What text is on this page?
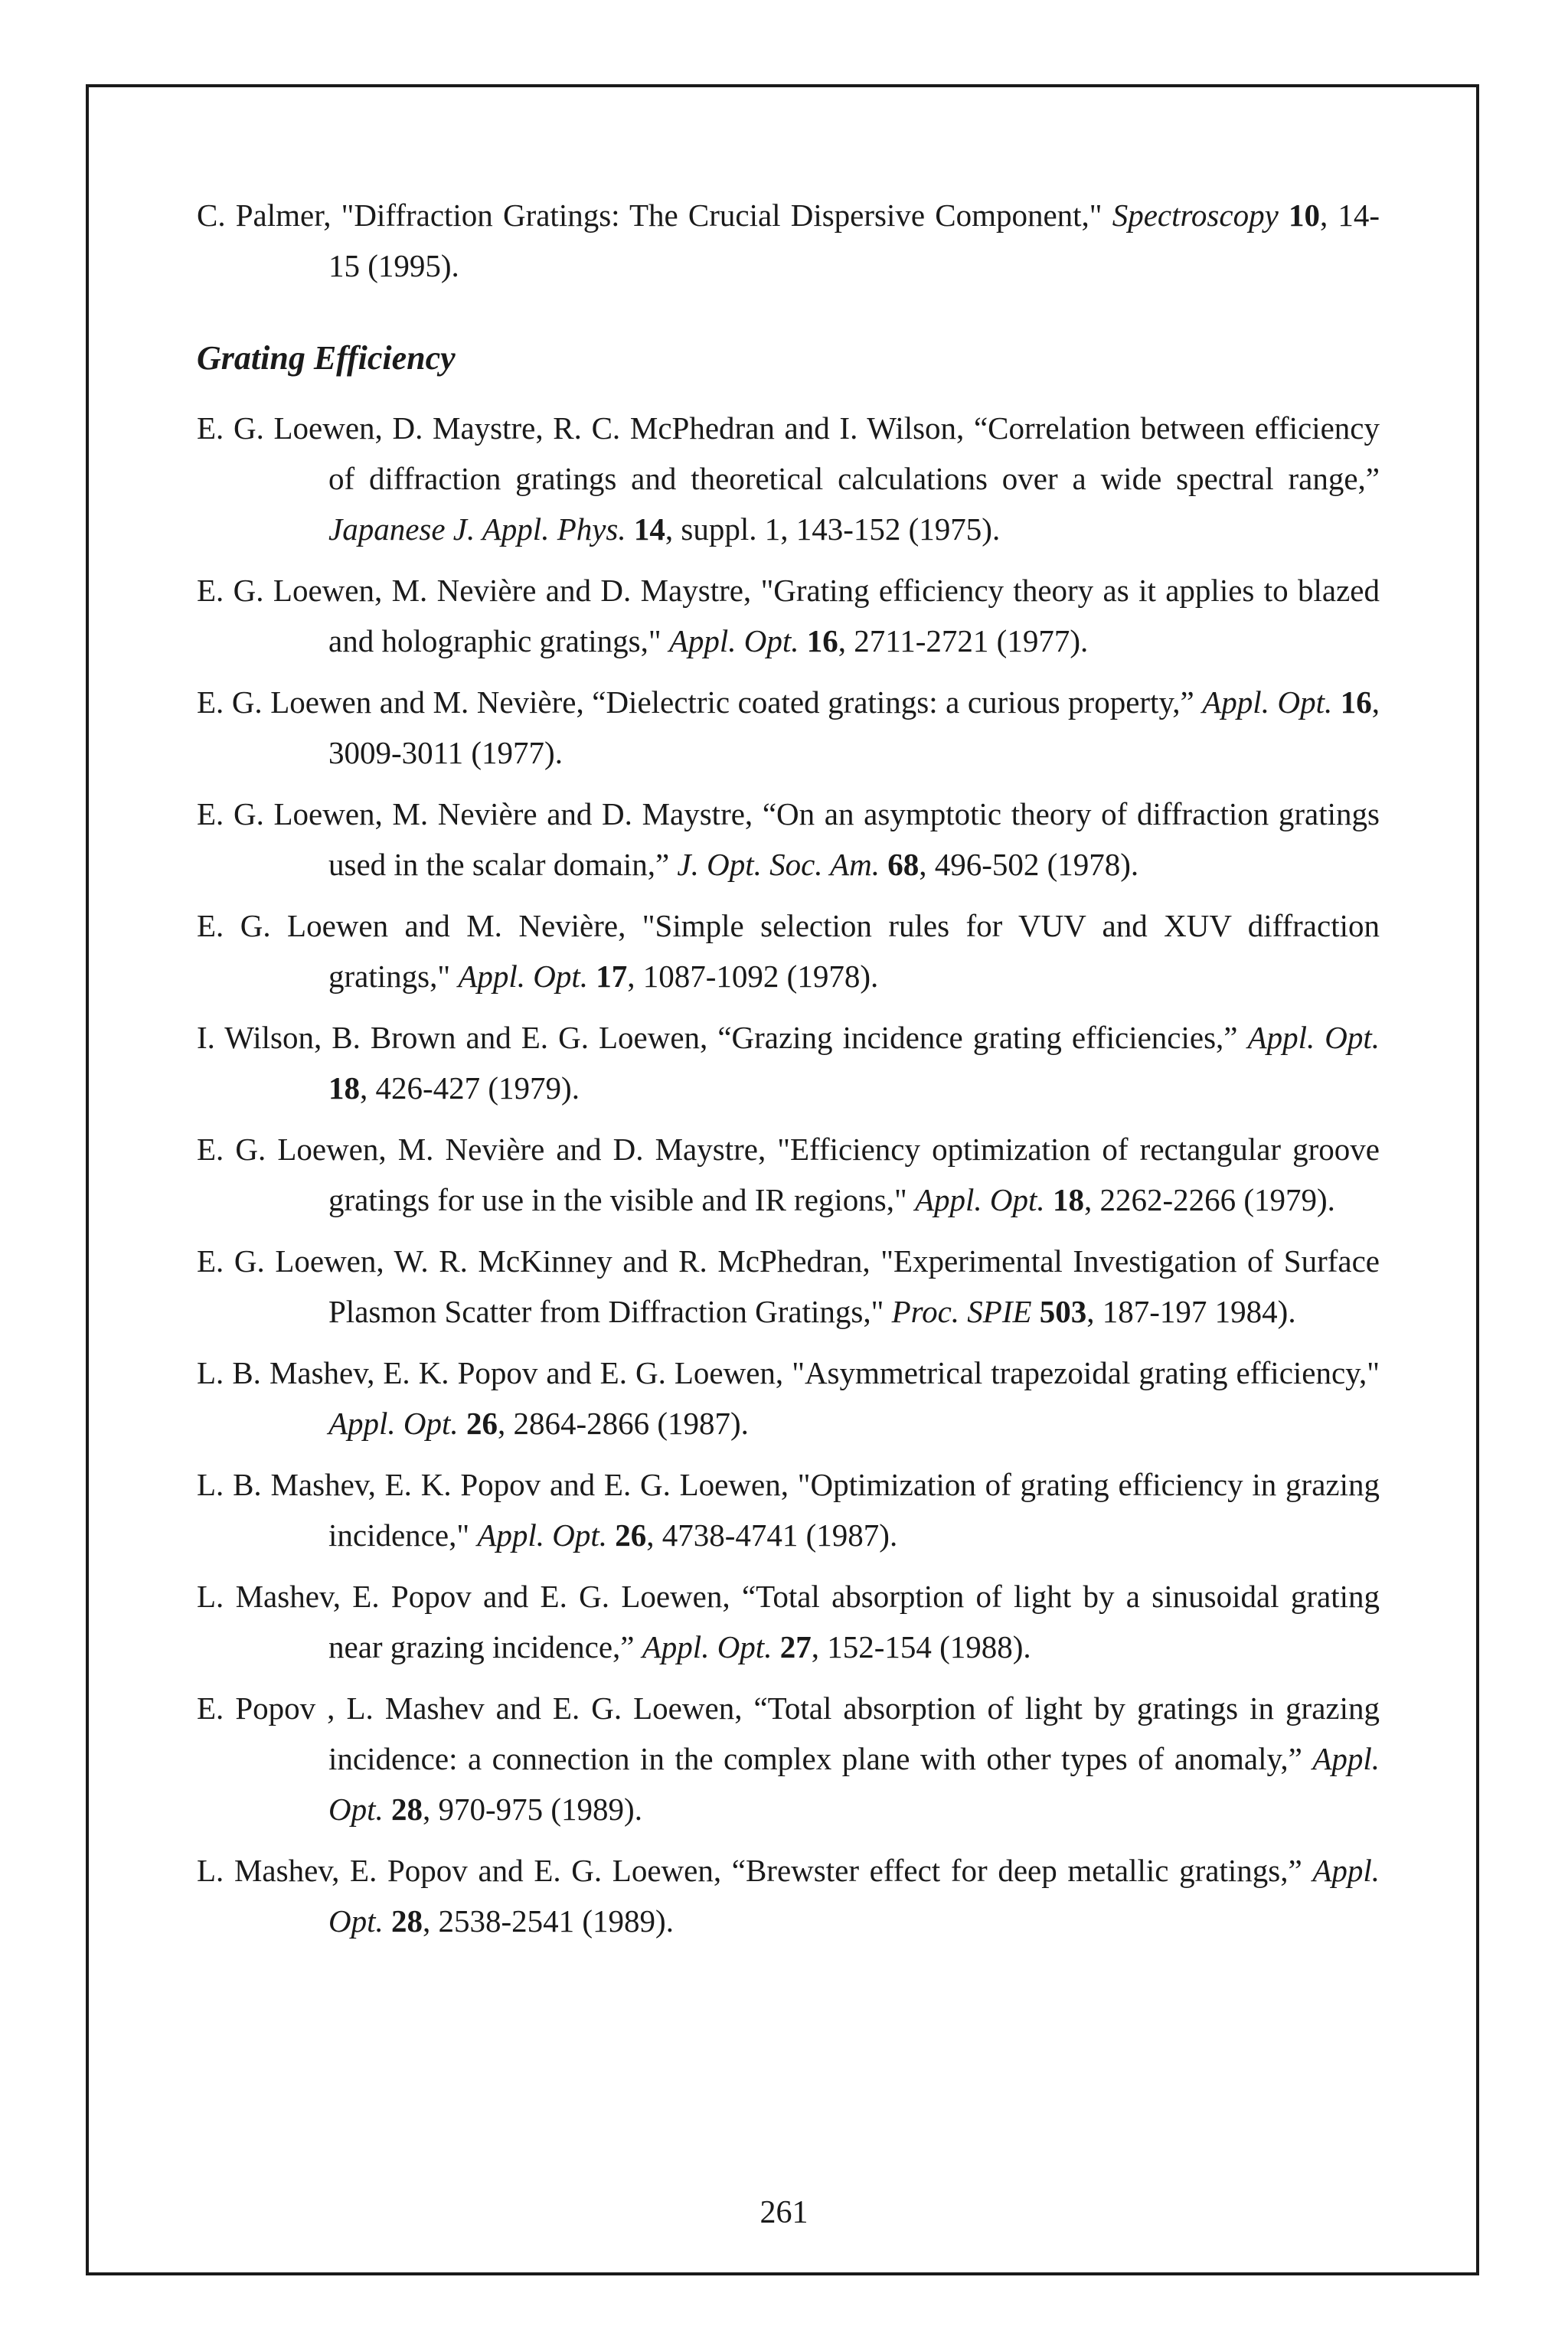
C. Palmer, "Diffraction Gratings: The Crucial Dispersive Component," Spectroscopy 10, 14-15 (1995).

Grating Efficiency

E. G. Loewen, D. Maystre, R. C. McPhedran and I. Wilson, “Correlation between efficiency of diffraction gratings and theoretical calculations over a wide spectral range,” Japanese J. Appl. Phys. 14, suppl. 1, 143-152 (1975).

E. G. Loewen, M. Nevière and D. Maystre, "Grating efficiency theory as it applies to blazed and holographic gratings," Appl. Opt. 16, 2711-2721 (1977).

E. G. Loewen and M. Nevière, “Dielectric coated gratings: a curious property,” Appl. Opt. 16, 3009-3011 (1977).

E. G. Loewen, M. Nevière and D. Maystre, “On an asymptotic theory of diffraction gratings used in the scalar domain,” J. Opt. Soc. Am. 68, 496-502 (1978).

E. G. Loewen and M. Nevière, "Simple selection rules for VUV and XUV diffraction gratings," Appl. Opt. 17, 1087-1092 (1978).

I. Wilson, B. Brown and E. G. Loewen, “Grazing incidence grating efficiencies,” Appl. Opt. 18, 426-427 (1979).

E. G. Loewen, M. Nevière and D. Maystre, "Efficiency optimization of rectangular groove gratings for use in the visible and IR regions," Appl. Opt. 18, 2262-2266 (1979).

E. G. Loewen, W. R. McKinney and R. McPhedran, "Experimental Investigation of Surface Plasmon Scatter from Diffraction Gratings," Proc. SPIE 503, 187-197 1984).

L. B. Mashev, E. K. Popov and E. G. Loewen, "Asymmetrical trapezoidal grating efficiency," Appl. Opt. 26, 2864-2866 (1987).

L. B. Mashev, E. K. Popov and E. G. Loewen, "Optimization of grating efficiency in grazing incidence," Appl. Opt. 26, 4738-4741 (1987).

L. Mashev, E. Popov and E. G. Loewen, “Total absorption of light by a sinusoidal grating near grazing incidence,” Appl. Opt. 27, 152-154 (1988).

E. Popov , L. Mashev and E. G. Loewen, “Total absorption of light by gratings in grazing incidence: a connection in the complex plane with other types of anomaly,” Appl. Opt. 28, 970-975 (1989).

L. Mashev, E. Popov and E. G. Loewen, “Brewster effect for deep metallic gratings,” Appl. Opt. 28, 2538-2541 (1989).

261
